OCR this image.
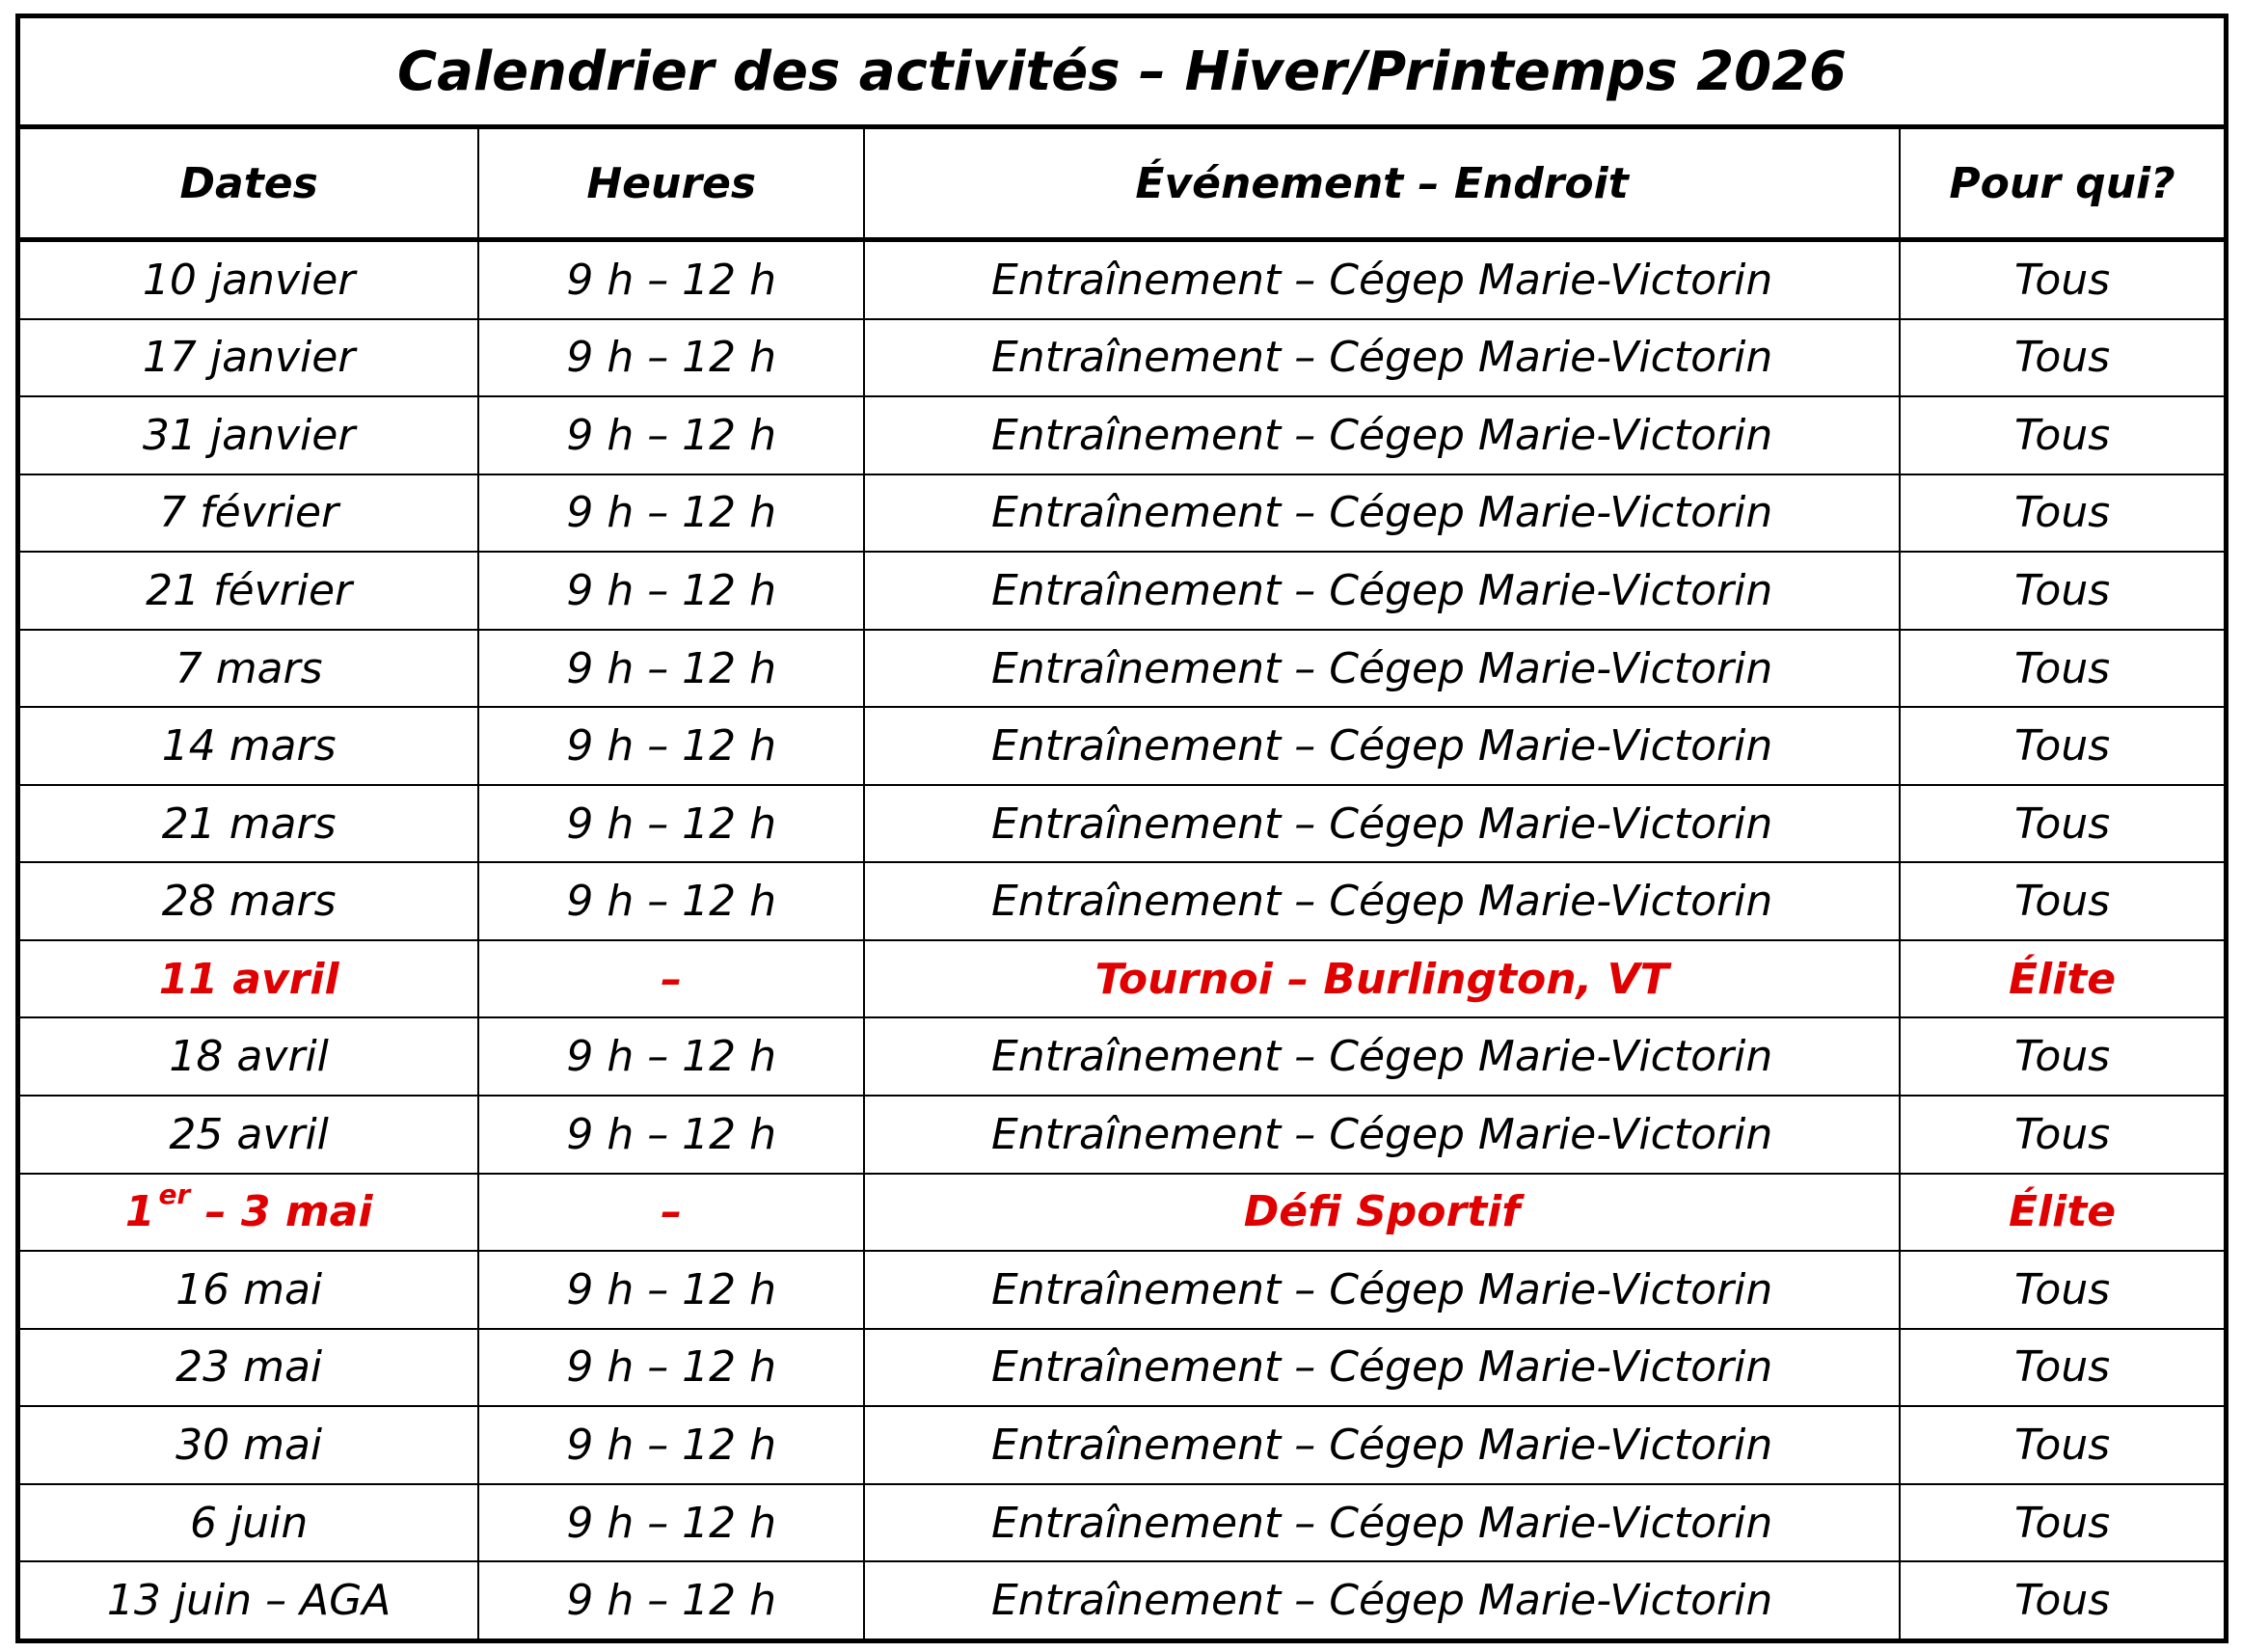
Calendrier des activités – Hiver/Printemps 2026			
Dates	Heures	Événement – Endroit	Pour qui?
10 janvier	9 h – 12 h	Entraînement – Cégep Marie-Victorin	Tous
17 janvier	9 h – 12 h	Entraînement – Cégep Marie-Victorin	Tous
31 janvier	9 h – 12 h	Entraînement – Cégep Marie-Victorin	Tous
7 février	9 h – 12 h	Entraînement – Cégep Marie-Victorin	Tous
21 février	9 h – 12 h	Entraînement – Cégep Marie-Victorin	Tous
7 mars	9 h – 12 h	Entraînement – Cégep Marie-Victorin	Tous
14 mars	9 h – 12 h	Entraînement – Cégep Marie-Victorin	Tous
21 mars	9 h – 12 h	Entraînement – Cégep Marie-Victorin	Tous
28 mars	9 h – 12 h	Entraînement – Cégep Marie-Victorin	Tous
11 avril	–	Tournoi – Burlington, VT	Élite
18 avril	9 h – 12 h	Entraînement – Cégep Marie-Victorin	Tous
25 avril	9 h – 12 h	Entraînement – Cégep Marie-Victorin	Tous
1 $^{er}$ – 3 mai	–	Défi Sportif	Élite
16 mai	9 h – 12 h	Entraînement – Cégep Marie-Victorin	Tous
23 mai	9 h – 12 h	Entraînement – Cégep Marie-Victorin	Tous
30 mai	9 h – 12 h	Entraînement – Cégep Marie-Victorin	Tous
6 juin	9 h – 12 h	Entraînement – Cégep Marie-Victorin	Tous
13 juin – AGA	9 h – 12 h	Entraînement – Cégep Marie-Victorin	Tous
